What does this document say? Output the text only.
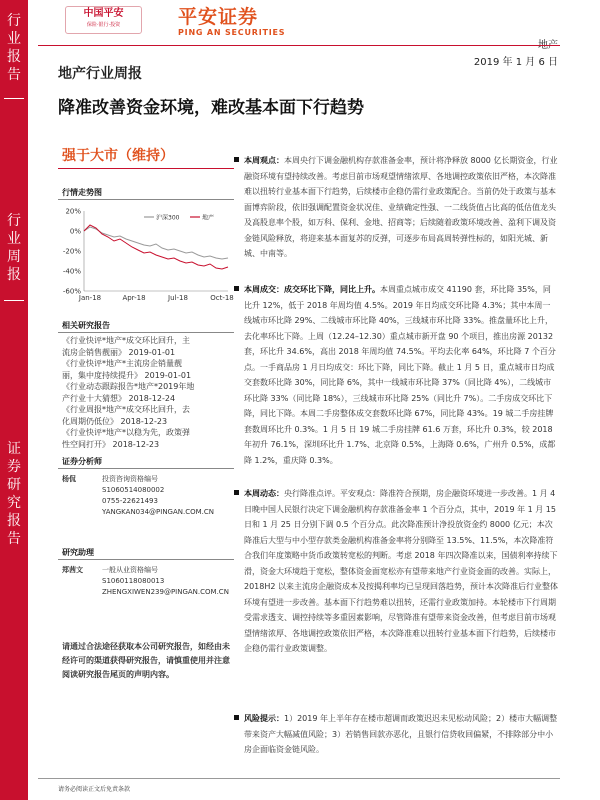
行
业
报
告
行
业
周
报
证
券
研
究
报
告
中国平安
保险·银行·投资	平安证券
PING AN SECURITIES
地产
地产行业周报
2019 年 1 月 6 日
降准改善资金环境，难改基本面下行趋势
强于大市（维持）
行情走势图
20%
0%
-20%
-40%
-60%
Jan-18	Apr-18	Jul-18	Oct-18
沪深300	地产
相关研究报告
《行业快评*地产*成交环比回升，主
流房企销售靓丽》 2019-01-01
《行业快评*地产*主流房企销量靓
丽，集中度持续提升》 2019-01-01
《行业动态跟踪报告*地产*2019年地
产行业十大猜想》 2018-12-24
《行业周报*地产*成交环比回升，去
化周期仍低位》 2018-12-23
《行业快评*地产*以稳为先，政策弹
性空间打开》 2018-12-23
证券分析师
杨侃	投资咨询资格编号
S1060514080002
0755-22621493
YANGKAN034@PINGAN.COM.CN
研究助理
郑茜文	一般从业资格编号
S1060118080013
ZHENGXIWEN239@PINGAN.COM.CN
请通过合法途径获取本公司研究报告，如经由未经许可的渠道获得研究报告，请慎重使用并注意阅读研究报告尾页的声明内容。

本周观点：本周央行下调金融机构存款准备金率，预计将净释放 8000 亿长期资金，行业融资环境有望持续改善。考虑目前市场观望情绪浓厚、各地调控政策依旧严格，本次降准难以扭转行业基本面下行趋势，后续楼市企稳仍需行业政策配合。当前仍处于政策与基本面博弈阶段，依旧强调配置资金状况佳、业绩确定性强、一二线货值占比高的低估值龙头及高股息率个股，如万科、保利、金地、招商等；后续随着政策环境改善、盈利下调及资金链风险释放，将迎来基本面复苏的反弹，可逐步布局高周转弹性标的，如阳光城、新城、中南等。

本周成交：成交环比下降，同比上升。本周重点城市成交 41190 套，环比降 35%，同比升 12%，低于 2018 年周均值 4.5%。2019 年日均成交环比降 4.3%；其中本周一线城市环比降 29%、二线城市环比降 40%，三线城市环比降 33%。推盘量环比上升，去化率环比下降。上周（12.24–12.30）重点城市新开盘 90 个项目，推出房源 20132 套，环比升 34.6%，高出 2018 年周均值 74.5%。平均去化率 64%，环比降 7 个百分点。一手商品房 1 月日均成交：环比下降，同比下降。截止 1 月 5 日，重点城市日均成交套数环比降 30%，同比降 6%，其中一线城市环比降 37%（同比降 4%），二线城市环比降 33%（同比降 18%），三线城市环比降 25%（同比升 7%）。二手房成交环比下降，同比下降。本周二手房整体成交套数环比降 67%，同比降 43%。19 城二手房挂牌套数周环比升 0.3%。1 月 5 日 19 城二手房挂牌 61.6 万套，环比升 0.3%，较 2018 年初升 76.1%，深圳环比升 1.7%、北京降 0.5%，上海降 0.6%，广州升 0.5%，成都降 1.2%，重庆降 0.3%。

本周动态：央行降准点评。平安观点：降准符合预期，房企融资环境进一步改善。1 月 4 日晚中国人民银行决定下调金融机构存款准备金率 1 个百分点，其中，2019 年 1 月 15 日和 1 月 25 日分别下调 0.5 个百分点。此次降准预计净投放资金约 8000 亿元；本次降准后大型与中小型存款类金融机构准备金率将分别降至 13.5%、11.5%，本次降准符合我们年度策略中货币政策转宽松的判断。考虑 2018 年四次降准以来，国债利率持续下滑，资金大环境趋于宽松，整体资金面宽松亦有望带来地产行业资金面的改善。实际上，2018H2 以来主流房企融资成本及按揭利率均已呈现回落趋势，预计本次降准后行业整体环境有望进一步改善。基本面下行趋势难以扭转，还需行业政策加持。本轮楼市下行周期受需求透支、调控持续等多重因素影响，尽管降准有望带来资金改善，但考虑目前市场观望情绪浓厚、各地调控政策依旧严格，本次降准难以扭转行业基本面下行趋势，后续楼市企稳仍需行业政策调整。

风险提示：1）2019 年上半年存在楼市超调而政策迟迟未见松动风险；2）楼市大幅调整带来资产大幅减值风险；3）若销售回款亦恶化，且银行信贷收回偏紧，不排除部分中小房企面临资金链风险。

请务必阅读正文后免责条款
